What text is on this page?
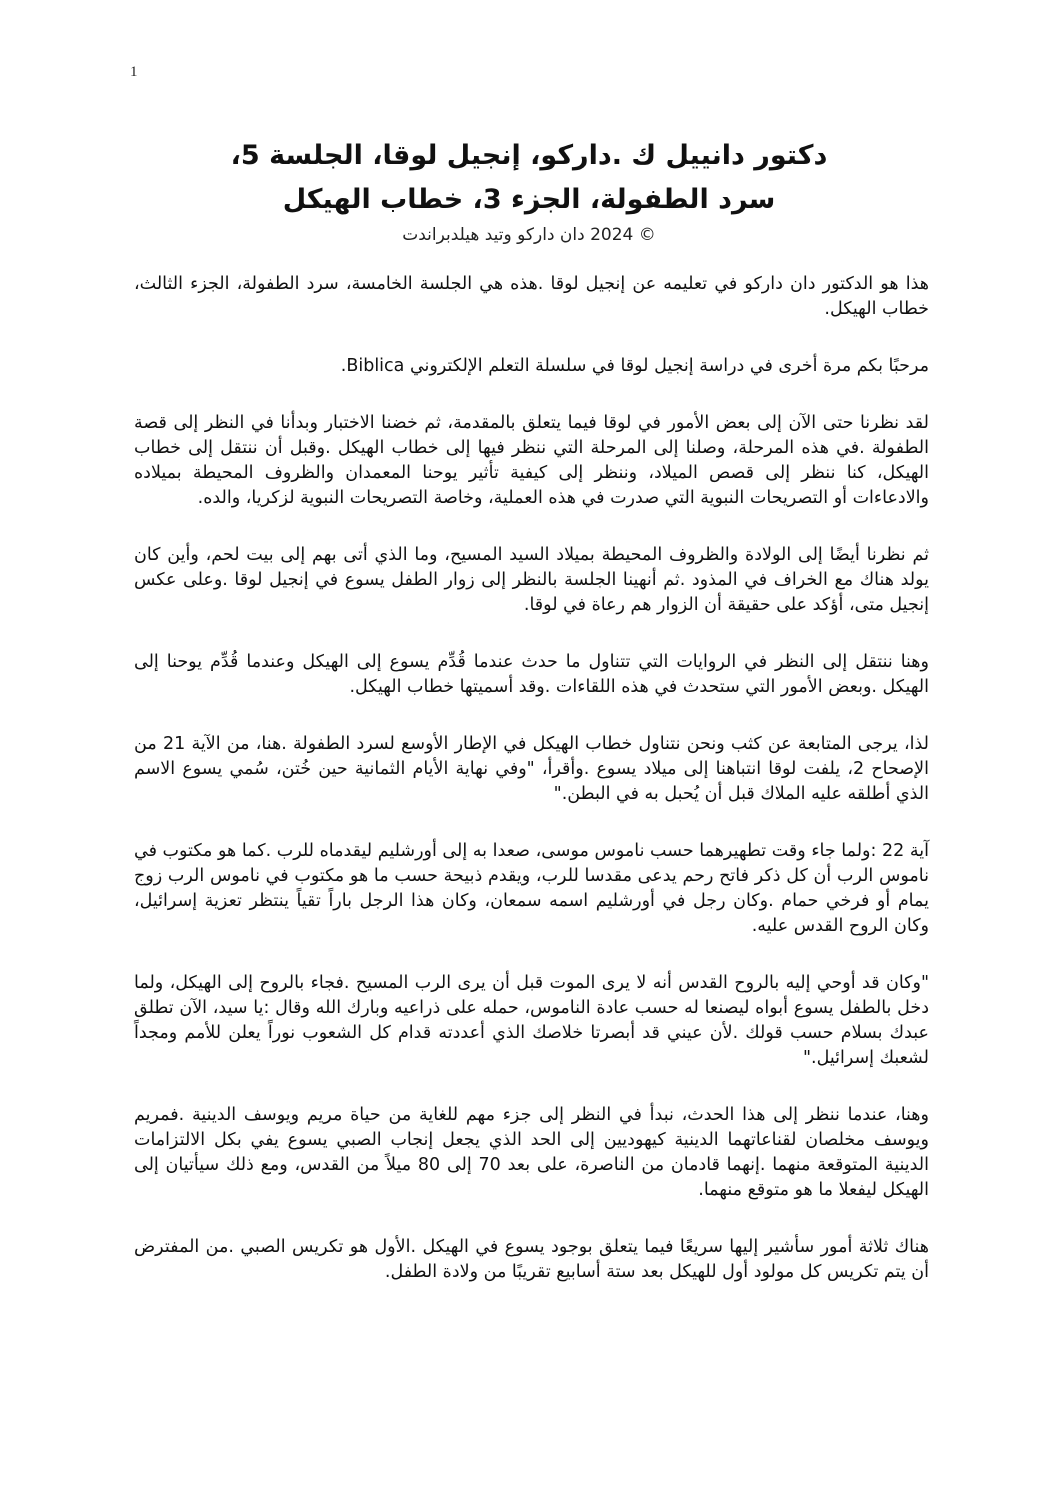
1
دكتور دانييل ك .داركو، إنجيل لوقا، الجلسة 5،
سرد الطفولة، الجزء 3، خطاب الهيكل
© 2024 دان داركو وتيد هيلدبراندت

هذا هو الدكتور دان داركو في تعليمه عن إنجيل لوقا .هذه هي الجلسة الخامسة، سرد الطفولة، الجزء الثالث، خطاب الهيكل.

مرحبًا بكم مرة أخرى في دراسة إنجيل لوقا في سلسلة التعلم الإلكتروني Biblica.

لقد نظرنا حتى الآن إلى بعض الأمور في لوقا فيما يتعلق بالمقدمة، ثم خضنا الاختبار وبدأنا في النظر إلى قصة الطفولة .في هذه المرحلة، وصلنا إلى المرحلة التي ننظر فيها إلى خطاب الهيكل .وقبل أن ننتقل إلى خطاب الهيكل، كنا ننظر إلى قصص الميلاد، وننظر إلى كيفية تأثير يوحنا المعمدان والظروف المحيطة بميلاده والادعاءات أو التصريحات النبوية التي صدرت في هذه العملية، وخاصة التصريحات النبوية لزكريا، والده.

ثم نظرنا أيضًا إلى الولادة والظروف المحيطة بميلاد السيد المسيح، وما الذي أتى بهم إلى بيت لحم، وأين كان يولد هناك مع الخراف في المذود .ثم أنهينا الجلسة بالنظر إلى زوار الطفل يسوع في إنجيل لوقا .وعلى عكس إنجيل متى، أؤكد على حقيقة أن الزوار هم رعاة في لوقا.

وهنا ننتقل إلى النظر في الروايات التي تتناول ما حدث عندما قُدِّم يسوع إلى الهيكل وعندما قُدِّم يوحنا إلى الهيكل .وبعض الأمور التي ستحدث في هذه اللقاءات .وقد أسميتها خطاب الهيكل.

لذا، يرجى المتابعة عن كثب ونحن نتناول خطاب الهيكل في الإطار الأوسع لسرد الطفولة .هنا، من الآية 21 من الإصحاح 2، يلفت لوقا انتباهنا إلى ميلاد يسوع .وأقرأ، "وفي نهاية الأيام الثمانية حين خُتن، سُمي يسوع الاسم الذي أطلقه عليه الملاك قبل أن يُحبل به في البطن."

آية 22 :ولما جاء وقت تطهيرهما حسب ناموس موسى، صعدا به إلى أورشليم ليقدماه للرب .كما هو مكتوب في ناموس الرب أن كل ذكر فاتح رحم يدعى مقدسا للرب، ويقدم ذبيحة حسب ما هو مكتوب في ناموس الرب زوج يمام أو فرخي حمام .وكان رجل في أورشليم اسمه سمعان، وكان هذا الرجل باراً تقياً ينتظر تعزية إسرائيل، وكان الروح القدس عليه.

"وكان قد أوحي إليه بالروح القدس أنه لا يرى الموت قبل أن يرى الرب المسيح .فجاء بالروح إلى الهيكل، ولما دخل بالطفل يسوع أبواه ليصنعا له حسب عادة الناموس، حمله على ذراعيه وبارك الله وقال :يا سيد، الآن تطلق عبدك بسلام حسب قولك .لأن عيني قد أبصرتا خلاصك الذي أعددته قدام كل الشعوب نوراً يعلن للأمم ومجداً لشعبك إسرائيل."

وهنا، عندما ننظر إلى هذا الحدث، نبدأ في النظر إلى جزء مهم للغاية من حياة مريم ويوسف الدينية .فمريم ويوسف مخلصان لقناعاتهما الدينية كيهوديين إلى الحد الذي يجعل إنجاب الصبي يسوع يفي بكل الالتزامات الدينية المتوقعة منهما .إنهما قادمان من الناصرة، على بعد 70 إلى 80 ميلاً من القدس، ومع ذلك سيأتيان إلى الهيكل ليفعلا ما هو متوقع منهما.

هناك ثلاثة أمور سأشير إليها سريعًا فيما يتعلق بوجود يسوع في الهيكل .الأول هو تكريس الصبي .من المفترض أن يتم تكريس كل مولود أول للهيكل بعد ستة أسابيع تقريبًا من ولادة الطفل.
